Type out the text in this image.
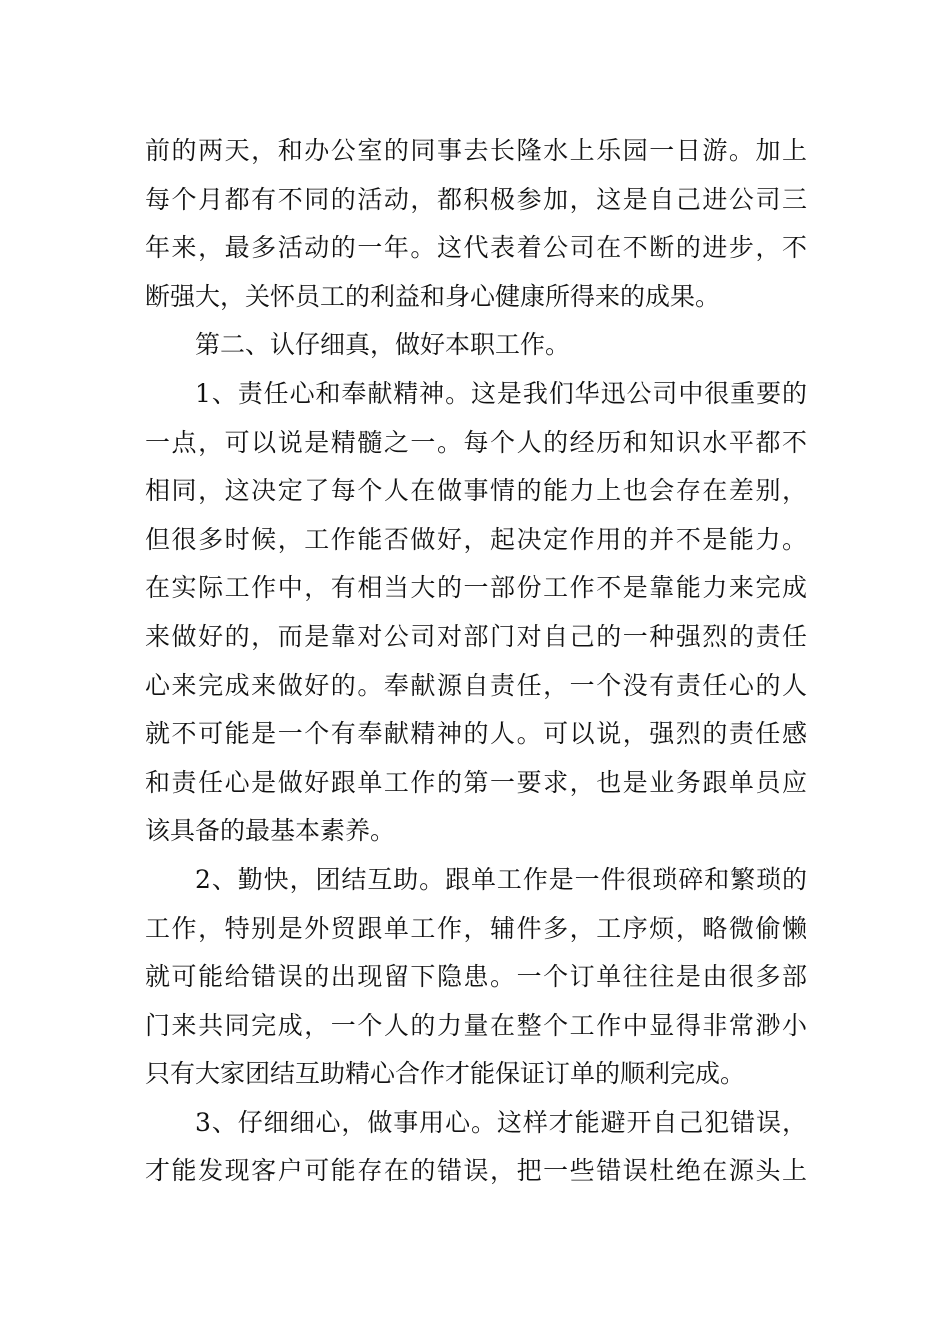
前的两天，和办公室的同事去长隆水上乐园一日游。加上
每个月都有不同的活动，都积极参加，这是自己进公司三
年来，最多活动的一年。这代表着公司在不断的进步，不
断强大，关怀员工的利益和身心健康所得来的成果。
第二、认仔细真，做好本职工作。
1、责任心和奉献精神。这是我们华迅公司中很重要的
一点，可以说是精髓之一。每个人的经历和知识水平都不
相同，这决定了每个人在做事情的能力上也会存在差别，
但很多时候，工作能否做好，起决定作用的并不是能力。
在实际工作中，有相当大的一部份工作不是靠能力来完成
来做好的，而是靠对公司对部门对自己的一种强烈的责任
心来完成来做好的。奉献源自责任，一个没有责任心的人
就不可能是一个有奉献精神的人。可以说，强烈的责任感
和责任心是做好跟单工作的第一要求，也是业务跟单员应
该具备的最基本素养。
2、勤快，团结互助。跟单工作是一件很琐碎和繁琐的
工作，特别是外贸跟单工作，辅件多，工序烦，略微偷懒
就可能给错误的出现留下隐患。一个订单往往是由很多部
门来共同完成，一个人的力量在整个工作中显得非常渺小
只有大家团结互助精心合作才能保证订单的顺利完成。
3、仔细细心，做事用心。这样才能避开自己犯错误，
才能发现客户可能存在的错误，把一些错误杜绝在源头上
